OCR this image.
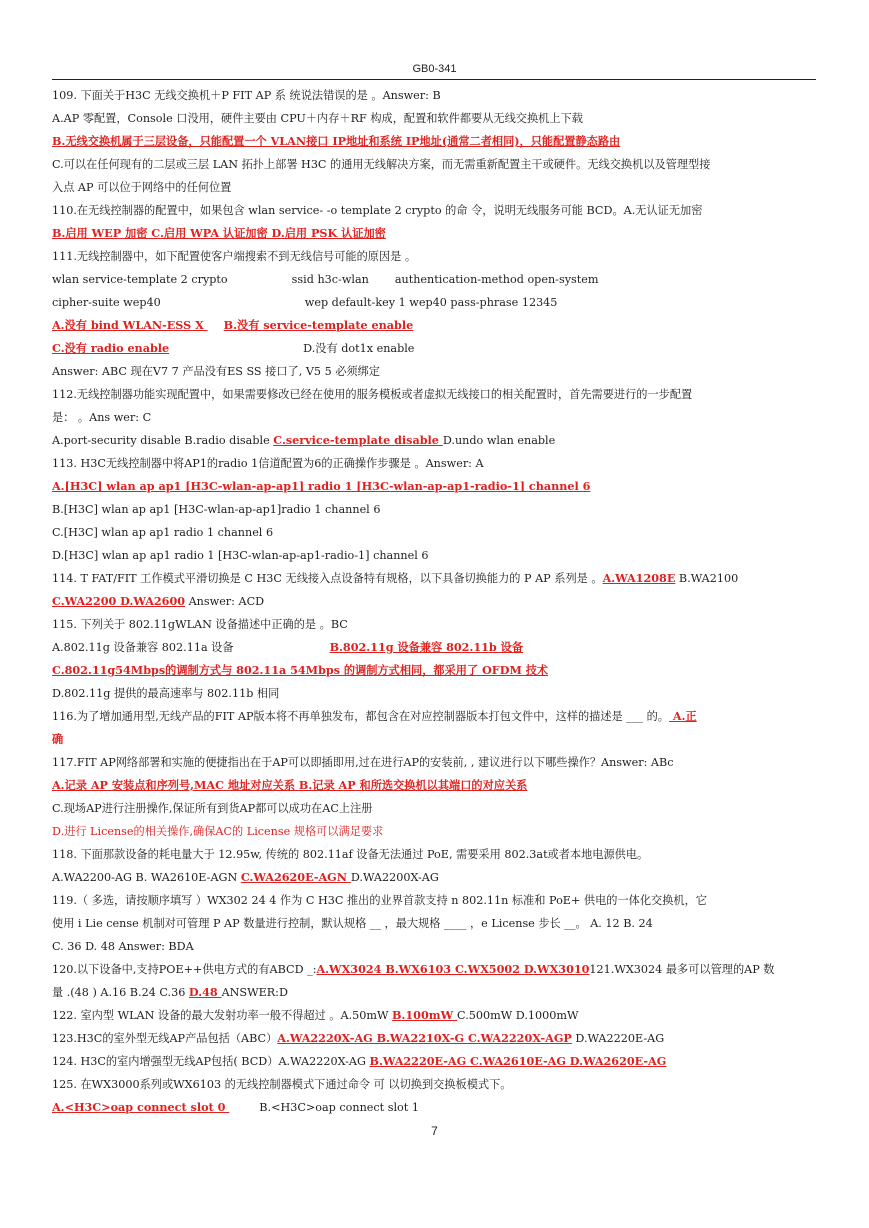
GB0-341
109. 下面关于H3C 无线交换机＋P FIT AP 系 统说法错误的是 。Answer: B
A.AP 零配置，Console 口没用，硬件主要由 CPU＋内存＋RF 构成，配置和软件都要从无线交换机上下载
B.无线交换机属于三层设备，只能配置一个 VLAN接口 IP地址和系统 IP地址(通常二者相同)，只能配置静态路由
C.可以在任何现有的二层或三层 LAN 拓扑上部署 H3C 的通用无线解决方案，而无需重新配置主干或硬件。无线交换机以及管理型接
入点 AP 可以位于网络中的任何位置
110.在无线控制器的配置中，如果包含 wlan service- -o template 2 crypto 的命 令，说明无线服务可能 BCD。A.无认证无加密
B.启用 WEP 加密 C.启用 WPA 认证加密 D.启用 PSK 认证加密
111.无线控制器中，如下配置使客户端搜索不到无线信号可能的原因是 。
wlan service-template 2 crypto	ssid h3c-wlan authentication-method open-system
cipher-suite wep40	wep default-key 1 wep40 pass-phrase 12345
A.没有 bind WLAN-ESS X B.没有 service-template enable
C.没有 radio enable	D.没有 dot1x enable
Answer: ABC 现在V7 7 产品没有ES SS 接口了, V5 5 必须绑定
112.无线控制器功能实现配置中，如果需要修改已经在使用的服务模板或者虚拟无线接口的相关配置时，首先需要进行的一步配置
是： 。Ans wer: C
A.port-security disable B.radio disable C.service-template disable D.undo wlan enable
113. H3C无线控制器中将AP1的radio 1信道配置为6的正确操作步骤是 。Answer: A
A.[H3C] wlan ap ap1 [H3C-wlan-ap-ap1] radio 1 [H3C-wlan-ap-ap1-radio-1] channel 6
B.[H3C] wlan ap ap1 [H3C-wlan-ap-ap1]radio 1 channel 6
C.[H3C] wlan ap ap1 radio 1 channel 6
D.[H3C] wlan ap ap1 radio 1 [H3C-wlan-ap-ap1-radio-1] channel 6
114. T FAT/FIT 工作模式平滑切换是 C H3C 无线接入点设备特有规格，以下具备切换能力的 P AP 系列是 。A.WA1208E B.WA2100
C.WA2200 D.WA2600 Answer: ACD
115. 下列关于 802.11gWLAN 设备描述中正确的是 。BC
A.802.11g 设备兼容 802.11a 设备	B.802.11g 设备兼容 802.11b 设备
C.802.11g54Mbps的调制方式与 802.11a 54Mbps 的调制方式相同，都采用了 OFDM 技术
D.802.11g 提供的最高速率与 802.11b 相同
116.为了增加通用型,无线产品的FIT AP版本将不再单独发布，都包含在对应控制器版本打包文件中，这样的描述是 ___ 的。 A.正
确
117.FIT AP网络部署和实施的便捷指出在于AP可以即插即用,过在进行AP的安装前, , 建议进行以下哪些操作？Answer: ABc
A.记录 AP 安装点和序列号,MAC 地址对应关系 B.记录 AP 和所选交换机以其端口的对应关系
C.现场AP进行注册操作,保证所有到货AP都可以成功在AC上注册
D.进行 License的相关操作,确保AC的 License 规格可以满足要求
118. 下面那款设备的耗电量大于 12.95w, 传统的 802.11af 设备无法通过 PoE, 需要采用 802.3at或者本地电源供电。
A.WA2200-AG B. WA2610E-AGN C.WA2620E-AGN D.WA2200X-AG
119.（ 多选，请按顺序填写 ）WX302 24 4 作为 C H3C 推出的业界首款支持 n 802.11n 标准和 PoE+ 供电的一体化交换机，它
使用 i Lie cense 机制对可管理 P AP 数量进行控制，默认规格 __ ，最大规格 ____ ，e License 步长 __。 A. 12 B. 24
C. 36 D. 48 Answer: BDA
120.以下设备中,支持POE++供电方式的有ABCD _:A.WX3024 B.WX6103 C.WX5002 D.WX3010121.WX3024 最多可以管理的AP 数
量 .(48 ) A.16 B.24 C.36 D.48 ANSWER:D
122. 室内型 WLAN 设备的最大发射功率一般不得超过 。A.50mW B.100mW C.500mW D.1000mW
123.H3C的室外型无线AP产品包括（ABC）A.WA2220X-AG B.WA2210X-G C.WA2220X-AGP D.WA2220E-AG
124. H3C的室内增强型无线AP包括( BCD）A.WA2220X-AG B.WA2220E-AG C.WA2610E-AG D.WA2620E-AG
125. 在WX3000系列或WX6103 的无线控制器模式下通过命令 可 以切换到交换板模式下。
A.<H3C>oap connect slot 0	B.<H3C>oap connect slot 1
7
